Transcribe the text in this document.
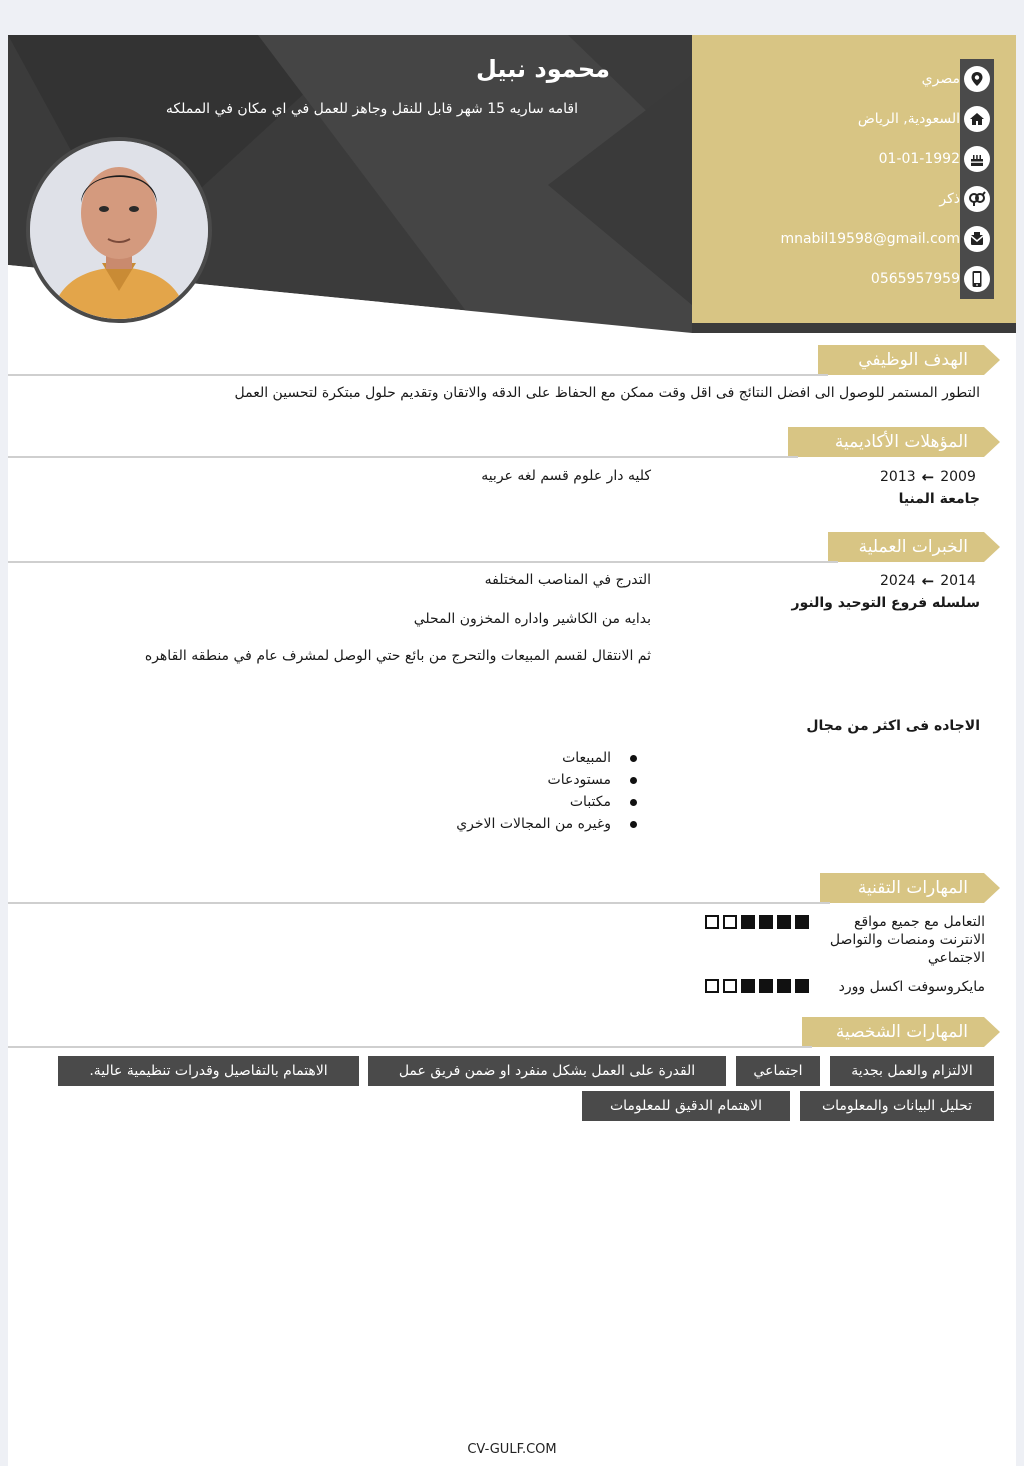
مصري
السعودية, الرياض
01-01-1992
ذكر
mnabil19598@gmail.com
0565957959
محمود نبيل
اقامه ساريه 15 شهر قابل للنقل وجاهز للعمل في اي مكان في المملكه
الهدف الوظيفي
التطور المستمر للوصول الى افضل النتائج فى اقل وقت ممكن مع الحفاظ على الدقه والاتقان وتقديم حلول مبتكرة لتحسين العمل
المؤهلات الأكاديمية
2013 ← 2009
جامعة المنيا
كليه دار علوم قسم لغه عربيه
الخبرات العملية
2024 ← 2014
سلسله فروع التوحيد والنور
التدرج في المناصب المختلفه
بدايه من الكاشير واداره المخزون المحلي
ثم الانتقال لقسم المبيعات والتحرج من بائع حتي الوصل لمشرف عام في منطقه القاهره
الاجاده فى اكثر من مجال
المبيعات
مستودعات
مكتبات
وغيره من المجالات الاخري
المهارات التقنية
التعامل مع جميع مواقع الانترنت ومنصات والتواصل الاجتماعي
مايكروسوفت اكسل وورد
المهارات الشخصية
الالتزام والعمل بجدية
اجتماعي
القدرة على العمل بشكل منفرد او ضمن فريق عمل
الاهتمام بالتفاصيل وقدرات تنظيمية عالية.
تحليل البيانات والمعلومات
الاهتمام الدقيق للمعلومات
CV-GULF.COM
